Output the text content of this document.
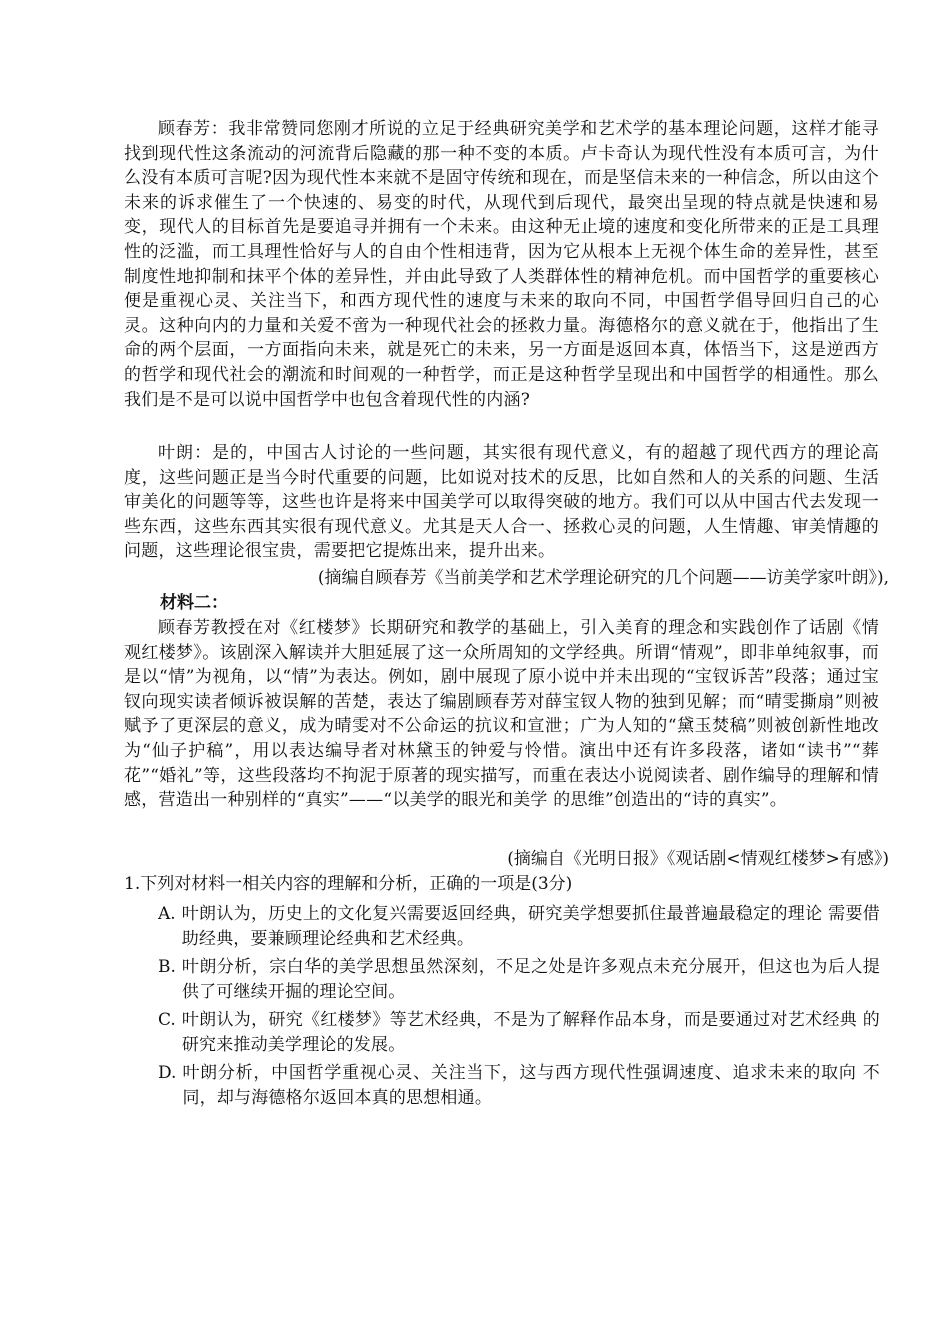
顾春芳：我非常赞同您刚才所说的立足于经典研究美学和艺术学的基本理论问题，这样才能寻找到现代性这条流动的河流背后隐藏的那一种不变的本质。卢卡奇认为现代性没有本质可言，为什么没有本质可言呢?因为现代性本来就不是固守传统和现在，而是坚信未来的一种信念，所以由这个未来的诉求催生了一个快速的、易变的时代，从现代到后现代，最突出呈现的特点就是快速和易变，现代人的目标首先是要追寻并拥有一个未来。由这种无止境的速度和变化所带来的正是工具理性的泛滥，而工具理性恰好与人的自由个性相违背，因为它从根本上无视个体生命的差异性，甚至制度性地抑制和抹平个体的差异性，并由此导致了人类群体性的精神危机。而中国哲学的重要核心便是重视心灵、关注当下，和西方现代性的速度与未来的取向不同，中国哲学倡导回归自己的心灵。这种向内的力量和关爱不啻为一种现代社会的拯救力量。海德格尔的意义就在于，他指出了生命的两个层面，一方面指向未来，就是死亡的未来，另一方面是返回本真，体悟当下，这是逆西方的哲学和现代社会的潮流和时间观的一种哲学，而正是这种哲学呈现出和中国哲学的相通性。那么我们是不是可以说中国哲学中也包含着现代性的内涵?

叶朗：是的，中国古人讨论的一些问题，其实很有现代意义，有的超越了现代西方的理论高度，这些问题正是当今时代重要的问题，比如说对技术的反思，比如自然和人的关系的问题、生活审美化的问题等等，这些也许是将来中国美学可以取得突破的地方。我们可以从中国古代去发现一些东西，这些东西其实很有现代意义。尤其是天人合一、拯救心灵的问题，人生情趣、审美情趣的问题，这些理论很宝贵，需要把它提炼出来，提升出来。

(摘编自顾春芳《当前美学和艺术学理论研究的几个问题——访美学家叶朗》),

材料二：

顾春芳教授在对《红楼梦》长期研究和教学的基础上，引入美育的理念和实践创作了话剧《情观红楼梦》。该剧深入解读并大胆延展了这一众所周知的文学经典。所谓“情观”，即非单纯叙事，而是以“情”为视角，以“情”为表达。例如，剧中展现了原小说中并未出现的“宝钗诉苦”段落；通过宝钗向现实读者倾诉被误解的苦楚，表达了编剧顾春芳对薛宝钗人物的独到见解；而“晴雯撕扇”则被赋予了更深层的意义，成为晴雯对不公命运的抗议和宣泄；广为人知的“黛玉焚稿”则被创新性地改为“仙子护稿”，用以表达编导者对林黛玉的钟爱与怜惜。演出中还有许多段落，诸如“读书”“葬花”“婚礼”等，这些段落均不拘泥于原著的现实描写，而重在表达小说阅读者、剧作编导的理解和情感，营造出一种别样的“真实”——“以美学的眼光和美学 的思维”创造出的“诗的真实”。

(摘编自《光明日报》《观话剧<情观红楼梦>有感》)

1.下列对材料一相关内容的理解和分析，正确的一项是(3分)

A. 叶朗认为，历史上的文化复兴需要返回经典，研究美学想要抓住最普遍最稳定的理论 需要借助经典，要兼顾理论经典和艺术经典。
B. 叶朗分析，宗白华的美学思想虽然深刻，不足之处是许多观点未充分展开，但这也为后人提供了可继续开掘的理论空间。
C. 叶朗认为，研究《红楼梦》等艺术经典，不是为了解释作品本身，而是要通过对艺术经典 的研究来推动美学理论的发展。
D. 叶朗分析，中国哲学重视心灵、关注当下，这与西方现代性强调速度、追求未来的取向 不同，却与海德格尔返回本真的思想相通。
